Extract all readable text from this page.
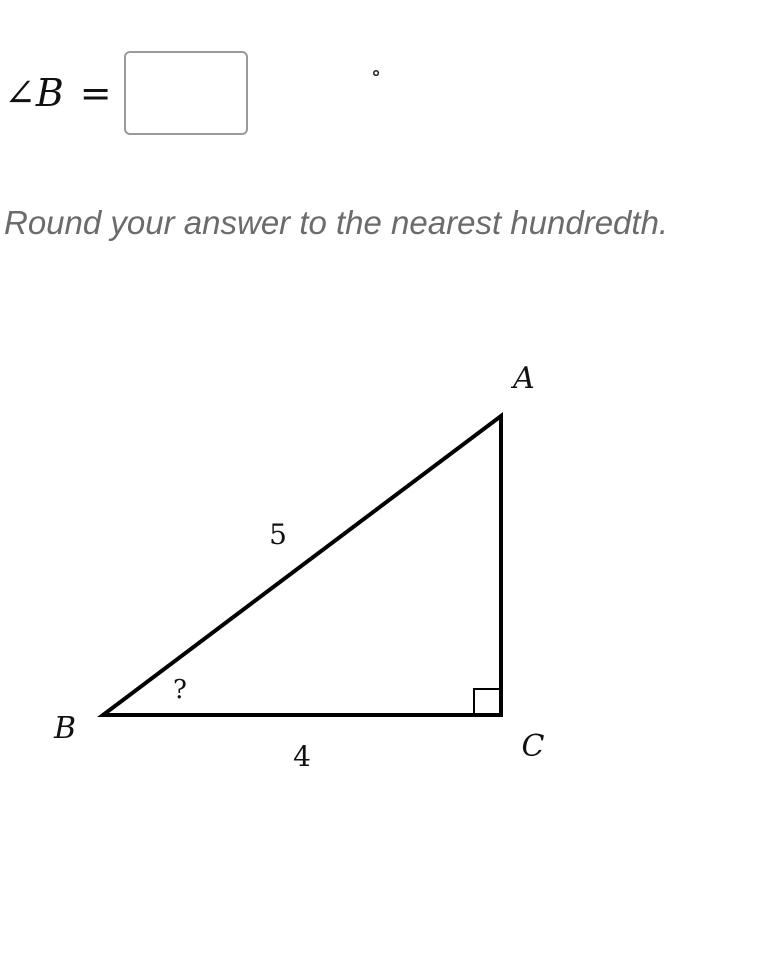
∠B =	∘
Round your answer to the nearest hundredth.
A
B
C
5
4
?
